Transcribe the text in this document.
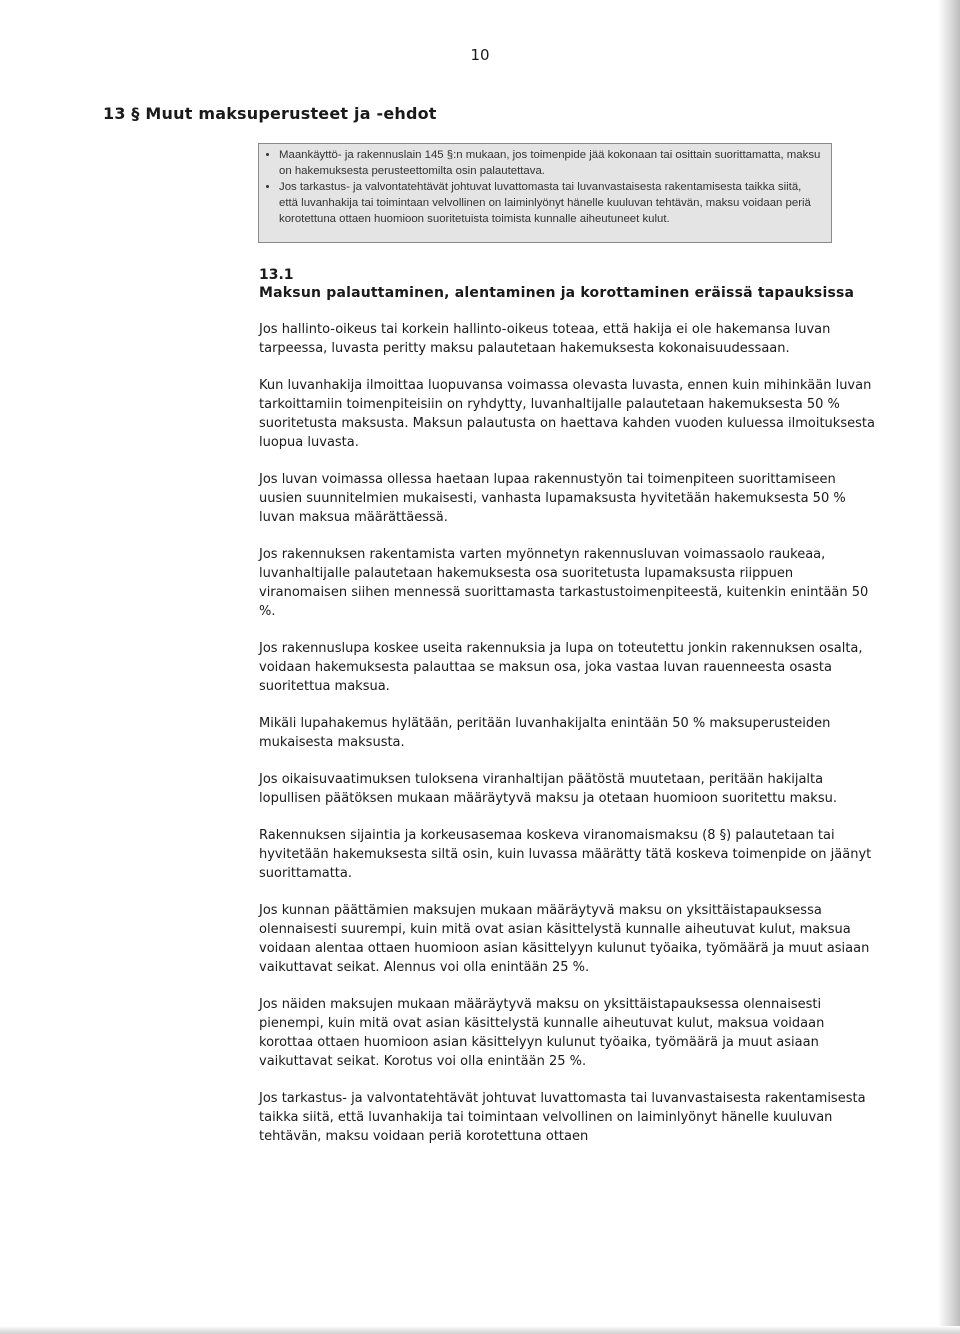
10
13 § Muut maksuperusteet ja -ehdot
• Maankäyttö- ja rakennuslain 145 §:n mukaan, jos toimenpide jää kokonaan tai osittain suorittamatta, maksu on hakemuksesta perusteettomilta osin palautettava.
• Jos tarkastus- ja valvontatehtävät johtuvat luvattomasta tai luvanvastaisesta rakentamisesta taikka siitä, että luvanhakija tai toimintaan velvollinen on laiminlyönyt hänelle kuuluvan tehtävän, maksu voidaan periä korotettuna ottaen huomioon suoritetuista toimista kunnalle aiheutuneet kulut.
13.1
Maksun palauttaminen, alentaminen ja korottaminen eräissä tapauksissa

Jos hallinto-oikeus tai korkein hallinto-oikeus toteaa, että hakija ei ole hakemansa luvan tarpeessa, luvasta peritty maksu palautetaan hakemuksesta kokonaisuudessaan.

Kun luvanhakija ilmoittaa luopuvansa voimassa olevasta luvasta, ennen kuin mihinkään luvan tarkoittamiin toimenpiteisiin on ryhdytty, luvanhaltijalle palautetaan hakemuksesta 50 % suoritetusta maksusta. Maksun palautusta on haettava kahden vuoden kuluessa ilmoituksesta luopua luvasta.

Jos luvan voimassa ollessa haetaan lupaa rakennustyön tai toimenpiteen suorittamiseen uusien suunnitelmien mukaisesti, vanhasta lupamaksusta hyvitetään hakemuksesta 50 % luvan maksua määrättäessä.

Jos rakennuksen rakentamista varten myönnetyn rakennusluvan voimassaolo raukeaa, luvanhaltijalle palautetaan hakemuksesta osa suoritetusta lupamaksusta riippuen viranomaisen siihen mennessä suorittamasta tarkastustoimenpiteestä, kuitenkin enintään 50 %.

Jos rakennuslupa koskee useita rakennuksia ja lupa on toteutettu jonkin rakennuksen osalta, voidaan hakemuksesta palauttaa se maksun osa, joka vastaa luvan rauenneesta osasta suoritettua maksua.

Mikäli lupahakemus hylätään, peritään luvanhakijalta enintään 50 % maksuperusteiden mukaisesta maksusta.

Jos oikaisuvaatimuksen tuloksena viranhaltijan päätöstä muutetaan, peritään hakijalta lopullisen päätöksen mukaan määräytyvä maksu ja otetaan huomioon suoritettu maksu.

Rakennuksen sijaintia ja korkeusasemaa koskeva viranomaismaksu (8 §) palautetaan tai hyvitetään hakemuksesta siltä osin, kuin luvassa määrätty tätä koskeva toimenpide on jäänyt suorittamatta.

Jos kunnan päättämien maksujen mukaan määräytyvä maksu on yksittäistapauksessa olennaisesti suurempi, kuin mitä ovat asian käsittelystä kunnalle aiheutuvat kulut, maksua voidaan alentaa ottaen huomioon asian käsittelyyn kulunut työaika, työmäärä ja muut asiaan vaikuttavat seikat. Alennus voi olla enintään 25 %.

Jos näiden maksujen mukaan määräytyvä maksu on yksittäistapauksessa olennaisesti pienempi, kuin mitä ovat asian käsittelystä kunnalle aiheutuvat kulut, maksua voidaan korottaa ottaen huomioon asian käsittelyyn kulunut työaika, työmäärä ja muut asiaan vaikuttavat seikat. Korotus voi olla enintään 25 %.

Jos tarkastus- ja valvontatehtävät johtuvat luvattomasta tai luvanvastaisesta rakentamisesta taikka siitä, että luvanhakija tai toimintaan velvollinen on laiminlyönyt hänelle kuuluvan tehtävän, maksu voidaan periä korotettuna ottaen
